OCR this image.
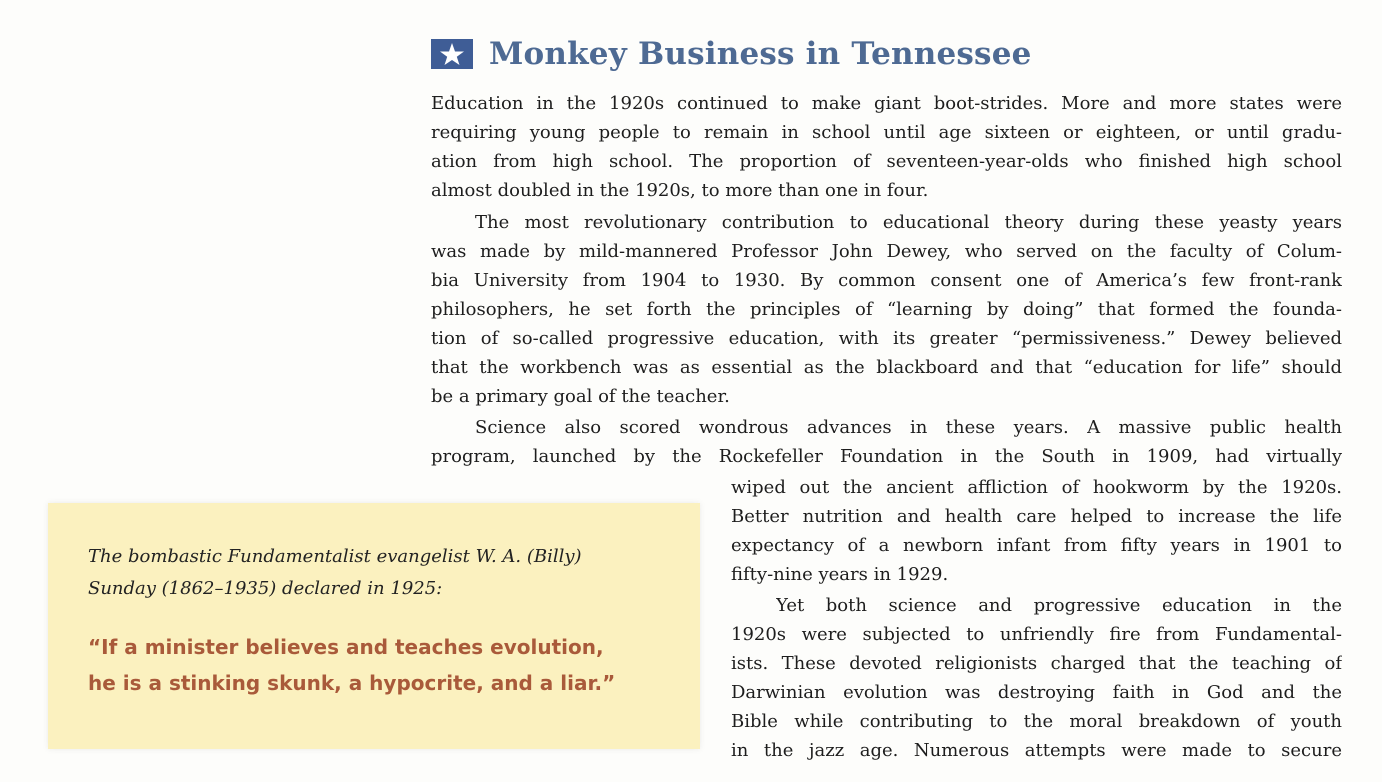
Monkey Business in Tennessee
Education in the 1920s continued to make giant boot-strides. More and more states were
requiring young people to remain in school until age sixteen or eighteen, or until gradu-
ation from high school. The proportion of seventeen-year-olds who finished high school
almost doubled in the 1920s, to more than one in four.
The most revolutionary contribution to educational theory during these yeasty years
was made by mild-mannered Professor John Dewey, who served on the faculty of Colum-
bia University from 1904 to 1930. By common consent one of America’s few front-rank
philosophers, he set forth the principles of “learning by doing” that formed the founda-
tion of so-called progressive education, with its greater “permissiveness.” Dewey believed
that the workbench was as essential as the blackboard and that “education for life” should
be a primary goal of the teacher.
Science also scored wondrous advances in these years. A massive public health
program, launched by the Rockefeller Foundation in the South in 1909, had virtually
wiped out the ancient affliction of hookworm by the 1920s.
Better nutrition and health care helped to increase the life
expectancy of a newborn infant from fifty years in 1901 to
fifty-nine years in 1929.
Yet both science and progressive education in the
1920s were subjected to unfriendly fire from Fundamental-
ists. These devoted religionists charged that the teaching of
Darwinian evolution was destroying faith in God and the
Bible while contributing to the moral breakdown of youth
in the jazz age. Numerous attempts were made to secure
The bombastic Fundamentalist evangelist W. A. (Billy)
Sunday (1862–1935) declared in 1925:
“If a minister believes and teaches evolution,
he is a stinking skunk, a hypocrite, and a liar.”
